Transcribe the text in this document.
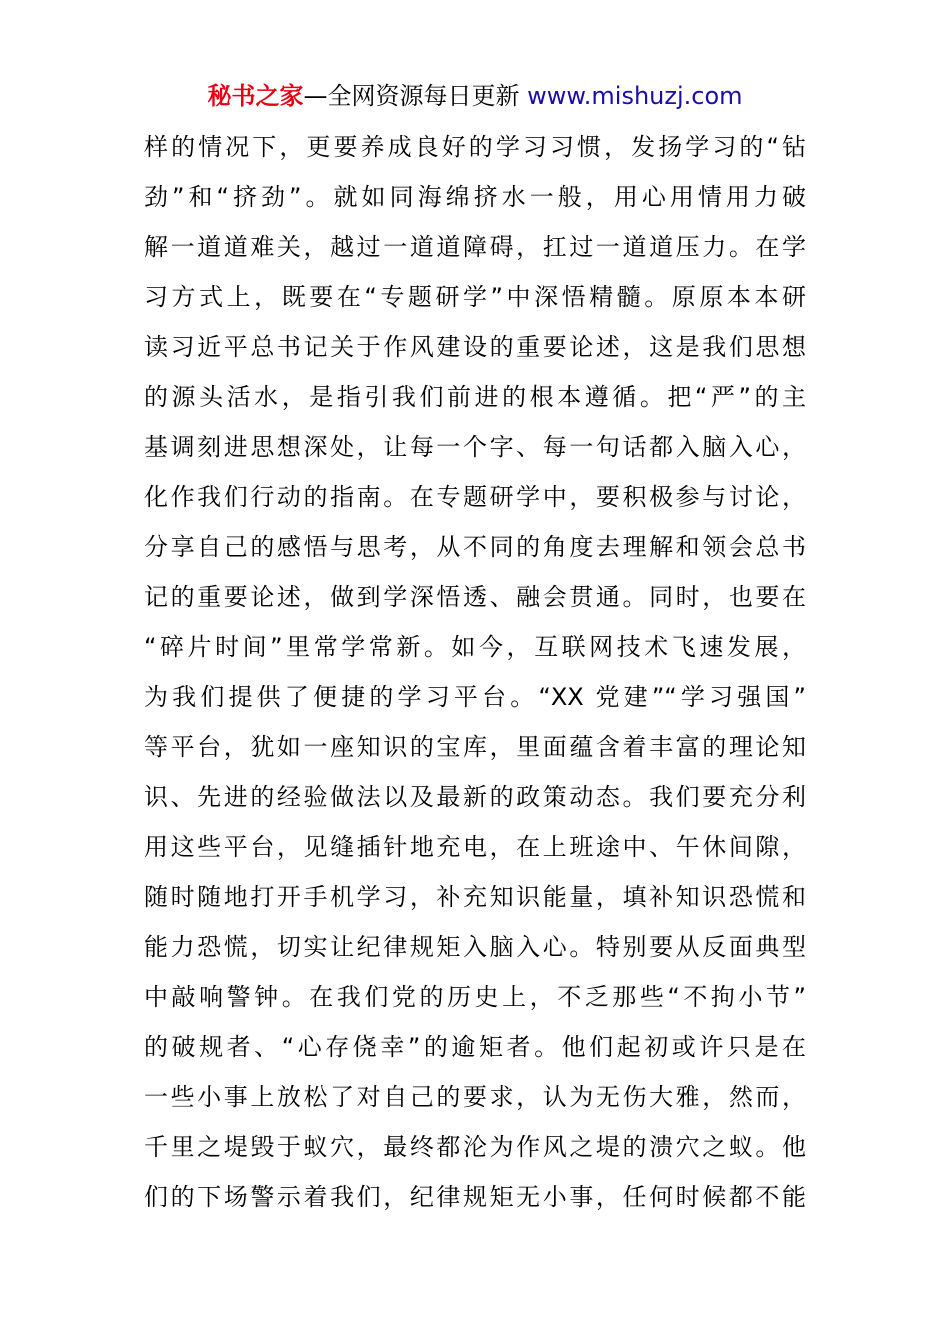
秘书之家—全网资源每日更新 www.mishuzj.com
样的情况下，更要养成良好的学习习惯，发扬学习的“钻
劲”和“挤劲”。就如同海绵挤水一般，用心用情用力破
解一道道难关，越过一道道障碍，扛过一道道压力。在学
习方式上，既要在“专题研学”中深悟精髓。原原本本研
读习近平总书记关于作风建设的重要论述，这是我们思想
的源头活水，是指引我们前进的根本遵循。把“严”的主
基调刻进思想深处，让每一个字、每一句话都入脑入心，
化作我们行动的指南。在专题研学中，要积极参与讨论，
分享自己的感悟与思考，从不同的角度去理解和领会总书
记的重要论述，做到学深悟透、融会贯通。同时，也要在
“碎片时间”里常学常新。如今，互联网技术飞速发展，
为我们提供了便捷的学习平台。“XX 党建”“学习强国”
等平台，犹如一座知识的宝库，里面蕴含着丰富的理论知
识、先进的经验做法以及最新的政策动态。我们要充分利
用这些平台，见缝插针地充电，在上班途中、午休间隙，
随时随地打开手机学习，补充知识能量，填补知识恐慌和
能力恐慌，切实让纪律规矩入脑入心。特别要从反面典型
中敲响警钟。在我们党的历史上，不乏那些“不拘小节”
的破规者、“心存侥幸”的逾矩者。他们起初或许只是在
一些小事上放松了对自己的要求，认为无伤大雅，然而，
千里之堤毁于蚁穴，最终都沦为作风之堤的溃穴之蚁。他
们的下场警示着我们，纪律规矩无小事，任何时候都不能
